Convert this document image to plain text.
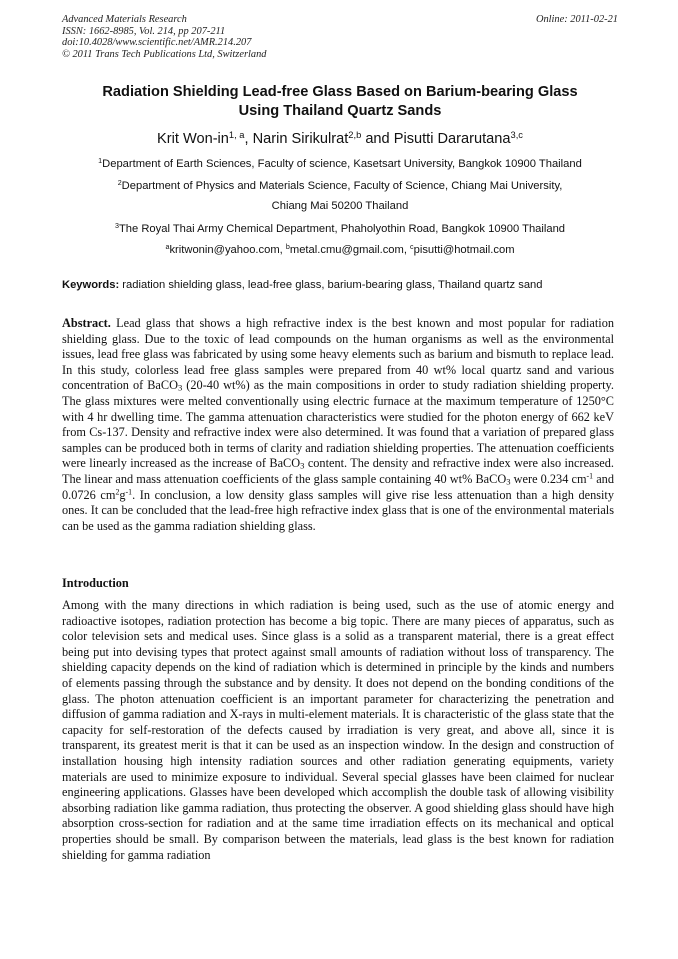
Advanced Materials Research
ISSN: 1662-8985, Vol. 214, pp 207-211
doi:10.4028/www.scientific.net/AMR.214.207
© 2011 Trans Tech Publications Ltd, Switzerland
Online: 2011-02-21
Radiation Shielding Lead-free Glass Based on Barium-bearing Glass
Using Thailand Quartz Sands
Krit Won-in$^{1, a}$, Narin Sirikulrat$^{2,b}$ and Pisutti Dararutana$^{3,c}$
$^1$Department of Earth Sciences, Faculty of science, Kasetsart University, Bangkok 10900 Thailand
$^2$Department of Physics and Materials Science, Faculty of Science, Chiang Mai University,
Chiang Mai 50200 Thailand
$^3$The Royal Thai Army Chemical Department, Phaholyothin Road, Bangkok 10900 Thailand
$^a$kritwonin@yahoo.com, $^b$metal.cmu@gmail.com, $^c$pisutti@hotmail.com
Keywords: radiation shielding glass, lead-free glass, barium-bearing glass, Thailand quartz sand
Abstract. Lead glass that shows a high refractive index is the best known and most popular for radiation shielding glass. Due to the toxic of lead compounds on the human organisms as well as the environmental issues, lead free glass was fabricated by using some heavy elements such as barium and bismuth to replace lead. In this study, colorless lead free glass samples were prepared from 40 wt% local quartz sand and various concentration of BaCO$_3$ (20-40 wt%) as the main compositions in order to study radiation shielding property. The glass mixtures were melted conventionally using electric furnace at the maximum temperature of 1250°C with 4 hr dwelling time. The gamma attenuation characteristics were studied for the photon energy of 662 keV from Cs-137. Density and refractive index were also determined. It was found that a variation of prepared glass samples can be produced both in terms of clarity and radiation shielding properties. The attenuation coefficients were linearly increased as the increase of BaCO$_3$ content. The density and refractive index were also increased. The linear and mass attenuation coefficients of the glass sample containing 40 wt% BaCO$_3$ were 0.234 $cm^{-1}$ and 0.0726 $cm^2g^{-1}$. In conclusion, a low density glass samples will give rise less attenuation than a high density ones. It can be concluded that the lead-free high refractive index glass that is one of the environmental materials can be used as the gamma radiation shielding glass.
Introduction
Among with the many directions in which radiation is being used, such as the use of atomic energy and radioactive isotopes, radiation protection has become a big topic. There are many pieces of apparatus, such as color television sets and medical uses. Since glass is a solid as a transparent material, there is a great effect being put into devising types that protect against small amounts of radiation without loss of transparency. The shielding capacity depends on the kind of radiation which is determined in principle by the kinds and numbers of elements passing through the substance and by density. It does not depend on the bonding conditions of the glass. The photon attenuation coefficient is an important parameter for characterizing the penetration and diffusion of gamma radiation and X-rays in multi-element materials. It is characteristic of the glass state that the capacity for self-restoration of the defects caused by irradiation is very great, and above all, since it is transparent, its greatest merit is that it can be used as an inspection window. In the design and construction of installation housing high intensity radiation sources and other radiation generating equipments, variety materials are used to minimize exposure to individual. Several special glasses have been claimed for nuclear engineering applications. Glasses have been developed which accomplish the double task of allowing visibility absorbing radiation like gamma radiation, thus protecting the observer. A good shielding glass should have high absorption cross-section for radiation and at the same time irradiation effects on its mechanical and optical properties should be small. By comparison between the materials, lead glass is the best known for radiation shielding for gamma radiation
